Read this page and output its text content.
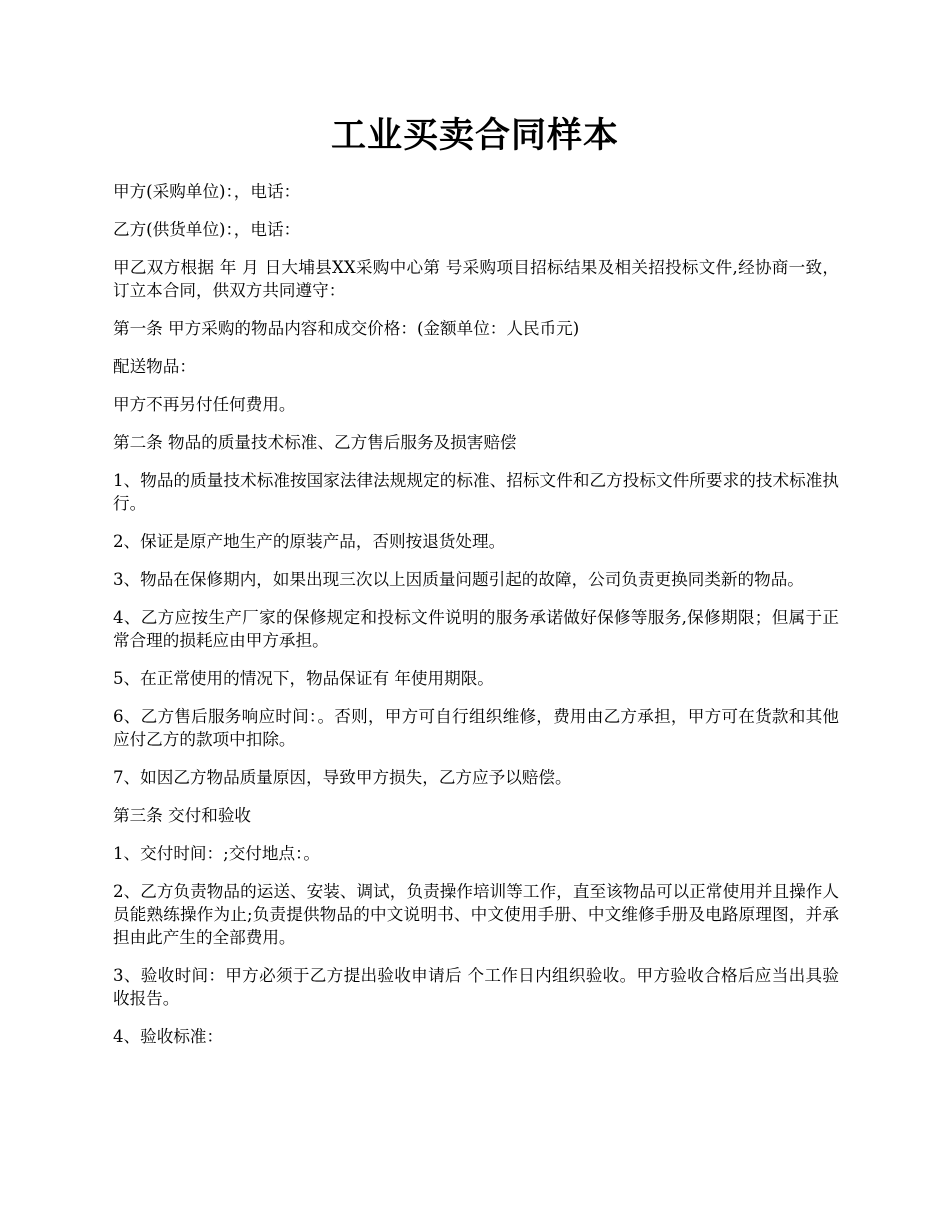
工业买卖合同样本

甲方(采购单位)：，电话：

乙方(供货单位)：，电话：

甲乙双方根据 年 月 日大埔县XX采购中心第 号采购项目招标结果及相关招投标文件,经协商一致，订立本合同，供双方共同遵守：

第一条 甲方采购的物品内容和成交价格：(金额单位：人民币元)

配送物品：

甲方不再另付任何费用。

第二条 物品的质量技术标准、乙方售后服务及损害赔偿

1、物品的质量技术标准按国家法律法规规定的标准、招标文件和乙方投标文件所要求的技术标准执行。

2、保证是原产地生产的原装产品，否则按退货处理。

3、物品在保修期内，如果出现三次以上因质量问题引起的故障，公司负责更换同类新的物品。

4、乙方应按生产厂家的保修规定和投标文件说明的服务承诺做好保修等服务,保修期限；但属于正常合理的损耗应由甲方承担。

5、在正常使用的情况下，物品保证有 年使用期限。

6、乙方售后服务响应时间：。否则，甲方可自行组织维修，费用由乙方承担，甲方可在货款和其他应付乙方的款项中扣除。

7、如因乙方物品质量原因，导致甲方损失，乙方应予以赔偿。

第三条 交付和验收

1、交付时间：;交付地点：。

2、乙方负责物品的运送、安装、调试，负责操作培训等工作，直至该物品可以正常使用并且操作人员能熟练操作为止;负责提供物品的中文说明书、中文使用手册、中文维修手册及电路原理图，并承担由此产生的全部费用。

3、验收时间：甲方必须于乙方提出验收申请后 个工作日内组织验收。甲方验收合格后应当出具验收报告。

4、验收标准：
